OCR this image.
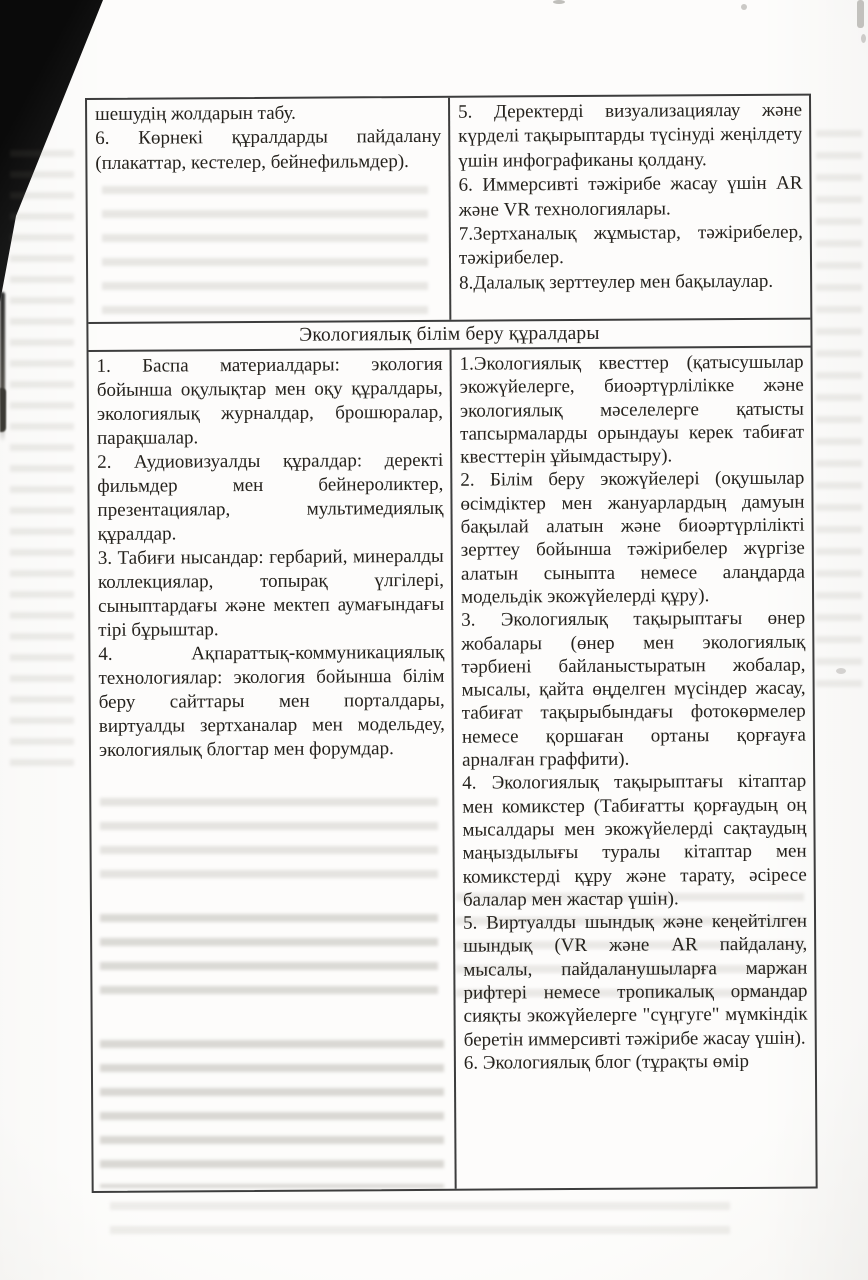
шешудің жолдарын табу.

6. Көрнекі құралдарды пайдалану (плакаттар, кестелер, бейнефильмдер).

5. Деректерді визуализациялау және күрделі тақырыптарды түсінуді жеңілдету үшін инфографиканы қолдану.

6. Иммерсивті тәжірибе жасау үшін AR және VR технологиялары.

7.Зертханалық жұмыстар, тәжірибелер, тәжірибелер.

8.Далалық зерттеулер мен бақылаулар.

Экологиялық білім беру құралдары

1. Баспа материалдары: экология бойынша оқулықтар мен оқу құралдары, экологиялық журналдар, брошюралар, парақшалар.

2. Аудиовизуалды құралдар: деректі фильмдер мен бейнероликтер, презентациялар, мультимедиялық құралдар.

3. Табиғи нысандар: гербарий, минералды коллекциялар, топырақ үлгілері, сыныптардағы және мектеп аумағындағы тірі бұрыштар.

4. Ақпараттық-коммуникациялық технологиялар: экология бойынша білім беру сайттары мен порталдары, виртуалды зертханалар мен модельдеу, экологиялық блогтар мен форумдар.

1.Экологиялық квесттер (қатысушылар экожүйелерге, биоәртүрлілікке және экологиялық мәселелерге қатысты тапсырмаларды орындауы керек табиғат квесттерін ұйымдастыру).

2. Білім беру экожүйелері (оқушылар өсімдіктер мен жануарлардың дамуын бақылай алатын және биоәртүрлілікті зерттеу бойынша тәжірибелер жүргізе алатын сыныпта немесе алаңдарда модельдік экожүйелерді құру).

3. Экологиялық тақырыптағы өнер жобалары (өнер мен экологиялық тәрбиені байланыстыратын жобалар, мысалы, қайта өңделген мүсіндер жасау, табиғат тақырыбындағы фотокөрмелер немесе қоршаған ортаны қорғауға арналған граффити).

4. Экологиялық тақырыптағы кітаптар мен комикстер (Табиғатты қорғаудың оң мысалдары мен экожүйелерді сақтаудың маңыздылығы туралы кітаптар мен комикстерді құру және тарату, әсіресе балалар мен жастар үшін).

5. Виртуалды шындық және кеңейтілген шындық (VR және AR пайдалану, мысалы, пайдаланушыларға маржан рифтері немесе тропикалық ормандар сияқты экожүйелерге "сүңгуге" мүмкіндік беретін иммерсивті тәжірибе жасау үшін).

6. Экологиялық блог (тұрақты өмір
